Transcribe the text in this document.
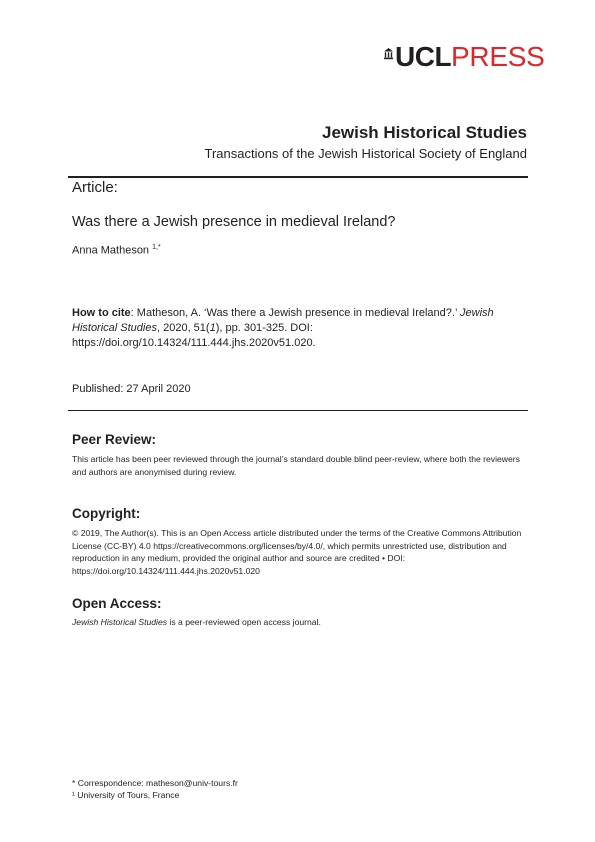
UCL PRESS
Jewish Historical Studies
Transactions of the Jewish Historical Society of England
Article:
Was there a Jewish presence in medieval Ireland?
Anna Matheson $^{1,*}$
How to cite: Matheson, A. ‘Was there a Jewish presence in medieval Ireland?.’ Jewish Historical Studies, 2020, 51(1), pp. 301-325. DOI: https://doi.org/10.14324/111.444.jhs.2020v51.020.
Published: 27 April 2020
Peer Review:
This article has been peer reviewed through the journal’s standard double blind peer-review, where both the reviewers and authors are anonymised during review.
Copyright:
© 2019, The Author(s). This is an Open Access article distributed under the terms of the Creative Commons Attribution License (CC-BY) 4.0 https://creativecommons.org/licenses/by/4.0/, which permits unrestricted use, distribution and reproduction in any medium, provided the original author and source are credited • DOI: https://doi.org/10.14324/111.444.jhs.2020v51.020
Open Access:
Jewish Historical Studies is a peer-reviewed open access journal.
* Correspondence: matheson@univ-tours.fr
¹ University of Tours, France
